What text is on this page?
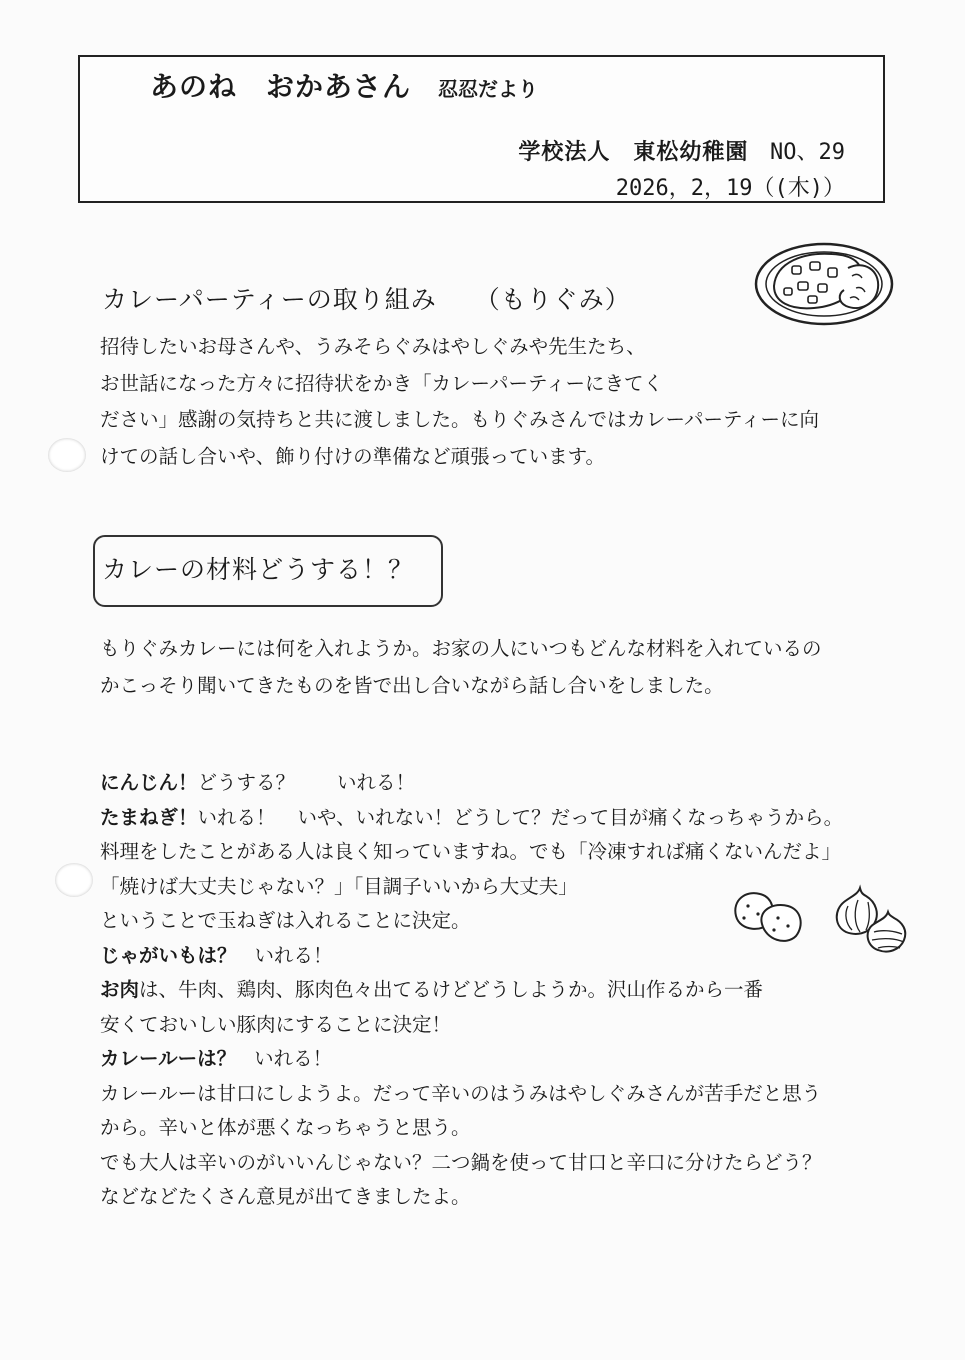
あのね　おかあさん 忍忍だより
学校法人　東松幼稚園 NO、29
2026，2，19（(木)）
カレーパーティーの取り組み （もりぐみ）

招待したいお母さんや、うみそらぐみはやしぐみや先生たち、

お世話になった方々に招待状をかき「カレーパーティーにきてく

ださい」感謝の気持ちと共に渡しました。もりぐみさんではカレーパーティーに向

けての話し合いや、飾り付けの準備など頑張っています。

カレーの材料どうする！？

もりぐみカレーには何を入れようか。お家の人にいつもどんな材料を入れているの

かこっそり聞いてきたものを皆で出し合いながら話し合いをしました。

にんじん！どうする？ いれる！

たまねぎ！いれる！ いや、いれない！どうして？だって目が痛くなっちゃうから。

料理をしたことがある人は良く知っていますね。でも「冷凍すれば痛くないんだよ」

「焼けば大丈夫じゃない？」「目調子いいから大丈夫」

ということで玉ねぎは入れることに決定。

じゃがいもは？ いれる！

お肉は、牛肉、鶏肉、豚肉色々出てるけどどうしようか。沢山作るから一番

安くておいしい豚肉にすることに決定！

カレールーは？ いれる！

カレールーは甘口にしようよ。だって辛いのはうみはやしぐみさんが苦手だと思う

から。辛いと体が悪くなっちゃうと思う。

でも大人は辛いのがいいんじゃない？二つ鍋を使って甘口と辛口に分けたらどう？

などなどたくさん意見が出てきましたよ。
